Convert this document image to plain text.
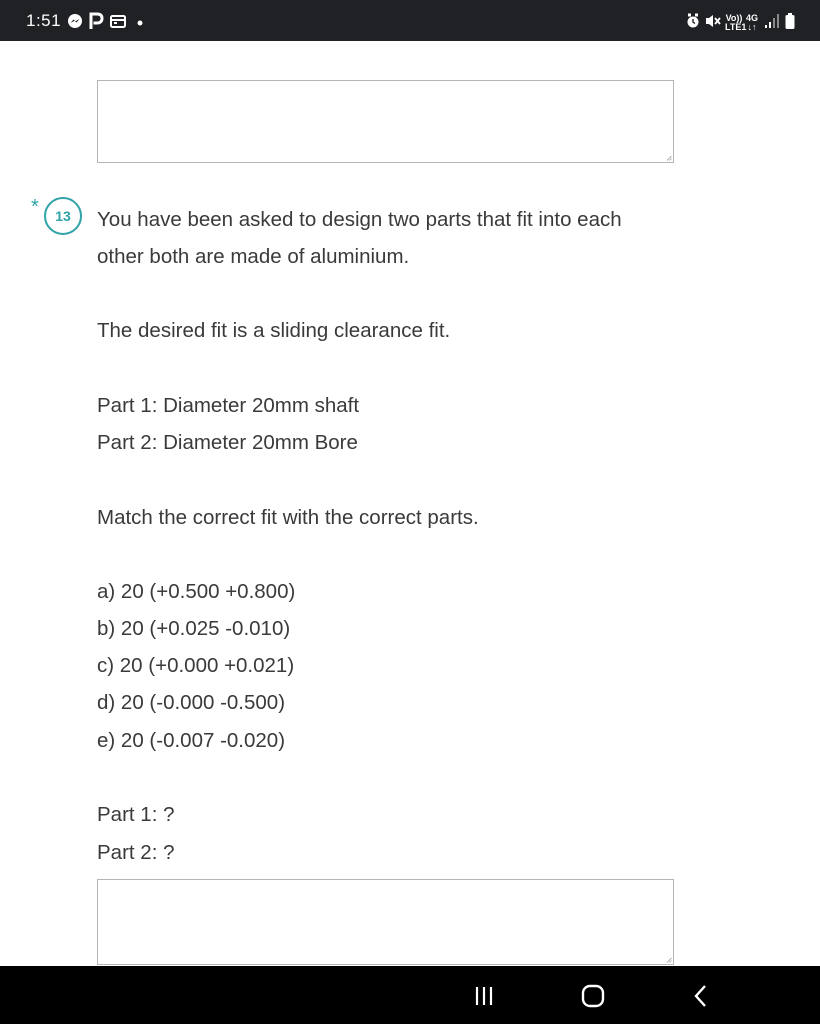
1:51	Vo))
LTE1
4G
↓↑
* 13 You have been asked to design two parts that fit into each
other both are made of aluminium.
The desired fit is a sliding clearance fit.
Part 1: Diameter 20mm shaft
Part 2: Diameter 20mm Bore
Match the correct fit with the correct parts.
a) 20 (+0.500 +0.800)
b) 20 (+0.025 -0.010)
c) 20 (+0.000 +0.021)
d) 20 (-0.000 -0.500)
e) 20 (-0.007 -0.020)
Part 1: ?
Part 2: ?
